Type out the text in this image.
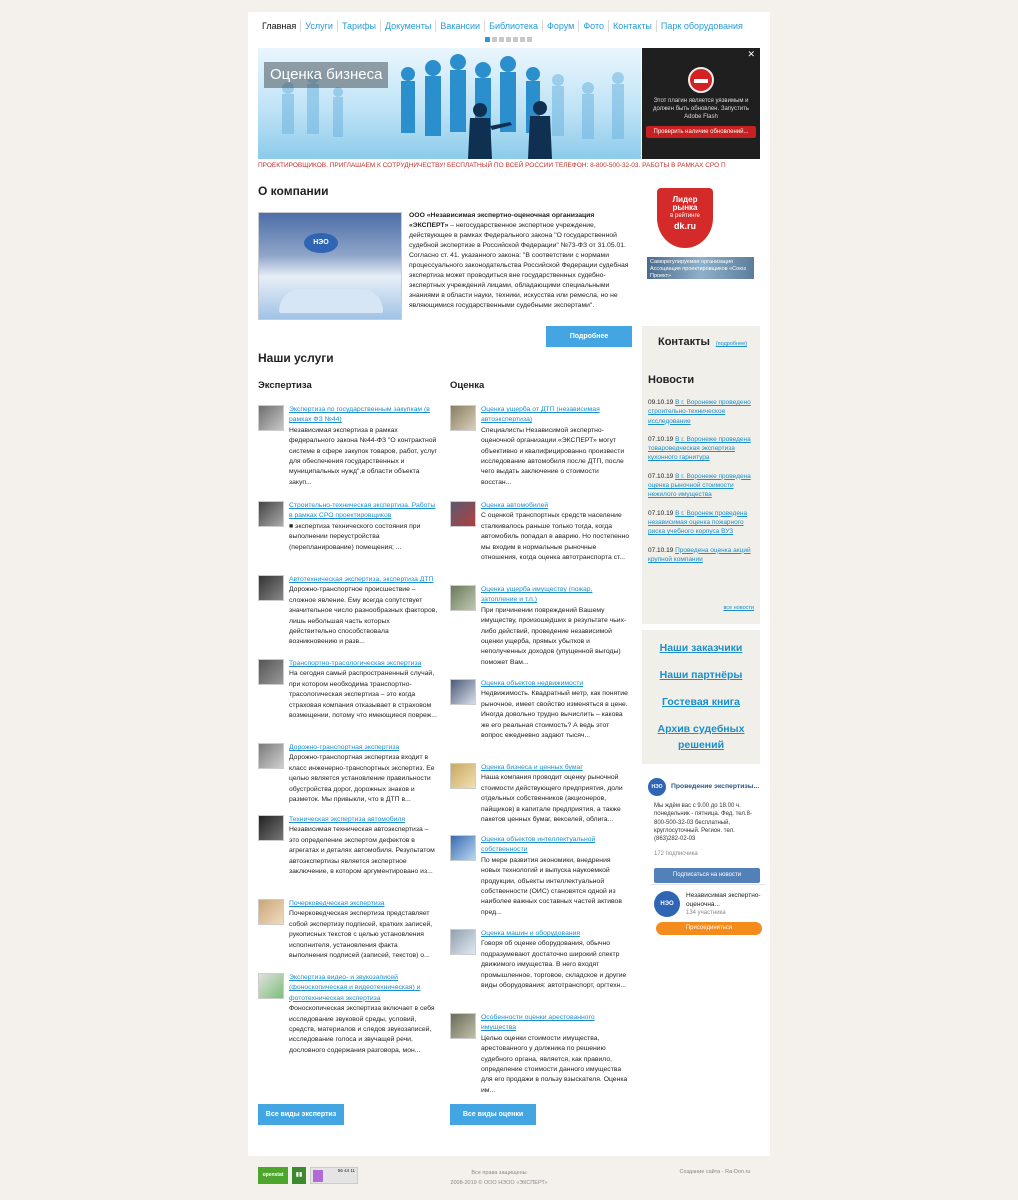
Главная	Услуги	Тарифы	Документы	Вакансии	Библиотека	Форум	Фото	Контакты	Парк оборудования
Оценка бизнеса
✕
Этот плагин является уязвимым и должен быть обновлен. Запустить Adobe Flash
Проверить наличие обновлений...
ПРОЕКТИРОВЩИКОВ. ПРИГЛАШАЕМ К СОТРУДНИЧЕСТВУ! БЕСПЛАТНЫЙ ПО ВСЕЙ РОССИИ ТЕЛЕФОН: 8-800-500-32-03. РАБОТЫ В РАМКАХ СРО П
О компании
НЭО
ООО «Независимая экспертно-оценочная организация «ЭКСПЕРТ» – негосударственное экспертное учреждение, действующее в рамках Федерального закона "О государственной судебной экспертизе в Российской Федерации" №73-ФЗ от 31.05.01. Согласно ст. 41. указанного закона: "В соответствии с нормами процессуального законодательства Российской Федерации судебная экспертиза может проводиться вне государственных судебно-экспертных учреждений лицами, обладающими специальными знаниями в области науки, техники, искусства или ремесла, но не являющимися государственными судебными экспертами".
Подробнее
Наши услуги
Экспертиза
Экспертиза по государственным закупкам (в рамках ФЗ №44)
Независимая экспертиза в рамках федерального закона №44-ФЗ "О контрактной системе в сфере закупок товаров, работ, услуг для обеспечения государственных и муниципальных нужд",в области объекта закуп...
Строительно-техническая экспертиза. Работы в рамках СРО проектировщиков
■ экспертиза технического состояния при выполнении переустройства (перепланирование) помещения; ...
Автотехническая экспертиза, экспертиза ДТП
Дорожно-транспортное происшествие – сложное явление. Ему всегда сопутствует значительное число разнообразных факторов, лишь небольшая часть которых действительно способствовала возникновению и разв...
Транспортно-трасологическая экспертиза
На сегодня самый распространенный случай, при котором необходима транспортно-трасологическая экспертиза – это когда страховая компания отказывает в страховом возмещении, потому что имеющиеся повреж...
Дорожно-транспортная экспертиза
Дорожно-транспортная экспертиза входит в класс инженерно-транспортных экспертиз. Ее целью является установление правильности обустройства дорог, дорожных знаков и разметок. Мы привыкли, что в ДТП в...
Техническая экспертиза автомобиля
Независимая техническая автоэкспертиза – это определение экспертом дефектов в агрегатах и деталях автомобиля. Результатом автоэкспертизы является экспертное заключение, в котором аргументировано из...
Почерковедческая экспертиза
Почерковедческая экспертиза представляет собой экспертизу подписей, кратких записей, рукописных текстов с целью установления исполнителя, установления факта выполнения подписей (записей, текстов) о...
Экспертиза видео- и звукозаписей (фоноскопическая и видеотехническая) и фототехническая экспертиза
Фоноскопическая экспертиза включает в себя исследование звуковой среды, условий, средств, материалов и следов звукозаписей, исследование голоса и звучащей речи, дословного содержания разговора, мон...
Оценка
Оценка ущерба от ДТП (независимая автоэкспертиза)
Специалисты Независимой экспертно-оценочной организации «ЭКСПЕРТ» могут объективно и квалифицированно произвести исследование автомобиля после ДТП, после чего выдать заключение о стоимости восстан...
Оценка автомобилей
С оценкой транспортных средств население сталкивалось раньше только тогда, когда автомобиль попадал в аварию. Но постепенно мы входим в нормальные рыночные отношения, когда оценка автотранспорта ст...
Оценка ущерба имуществу (пожар, затопление и т.п.)
При причинении повреждений Вашему имуществу, произошедших в результате чьих-либо действий, проведение независимой оценки ущерба, прямых убытков и неполученных доходов (упущенной выгоды) поможет Вам...
Оценка объектов недвижимости
Недвижимость. Квадратный метр, как понятие рыночное, имеет свойство изменяться в цене. Иногда довольно трудно вычислить – какова же его реальная стоимость? А ведь этот вопрос ежедневно задают тысяч...
Оценка бизнеса и ценных бумаг
Наша компания проводит оценку рыночной стоимости действующего предприятия, доли отдельных собственников (акционеров, пайщиков) в капитале предприятия, а также пакетов ценных бумаг, векселей, облига...
Оценка объектов интеллектуальной собственности
По мере развития экономики, внедрения новых технологий и выпуска наукоемкой продукции, объекты интеллектуальной собственности (ОИС) становятся одной из наиболее важных составных частей активов пред...
Оценка машин и оборудования
Говоря об оценке оборудования, обычно подразумевают достаточно широкий спектр движимого имущества. В него входят промышленное, торговое, складское и другие виды оборудования: автотранспорт, оргтехн...
Особенности оценки арестованного имущества
Целью оценки стоимости имущества, арестованного у должника по решению судебного органа, является, как правило, определение стоимости данного имущества для его продажи в пользу взыскателя. Оценка им...
Все виды экспертиз	Все виды оценки
Лидер
рынка
в рейтинге
dk.ru
Саморегулируемая организация Ассоциация проектировщиков «Союз Проект»
Контакты (подробнее)
Новости
09.10.19 В г. Воронеже проведено строительно-техническое исследование
07.10.19 В г. Воронеже проведена товароведческая экспертиза кухонного гарнитура
07.10.19 В г. Воронеже проведена оценка рыночной стоимости нежилого имущества
07.10.19 В г. Воронеж проведена независимая оценка пожарного риска учебного корпуса ВУЗ
07.10.19 Проведена оценка акций крупной компании
все новости
Наши заказчики
Наши партнёры
Гостевая книга
Архив судебных решений
НЭО	Проведение экспертизы...
Мы ждём вас с 9.00 до 18.00 ч. понедельник - пятница. Фед. тел.8-800-500-32-03 бесплатный, круглосуточный. Регион. тел.(863)282-02-03
172 подписчика
Подписаться на новости
НЭО
Независимая экспертно-оценочна...
134 участника
Присоединиться
openstat	▮▮
56 44 11	Все права защищены
2008-2019 © ООО НЭОО «ЭКСПЕРТ»
Создание сайта - Ra-Don.ru
